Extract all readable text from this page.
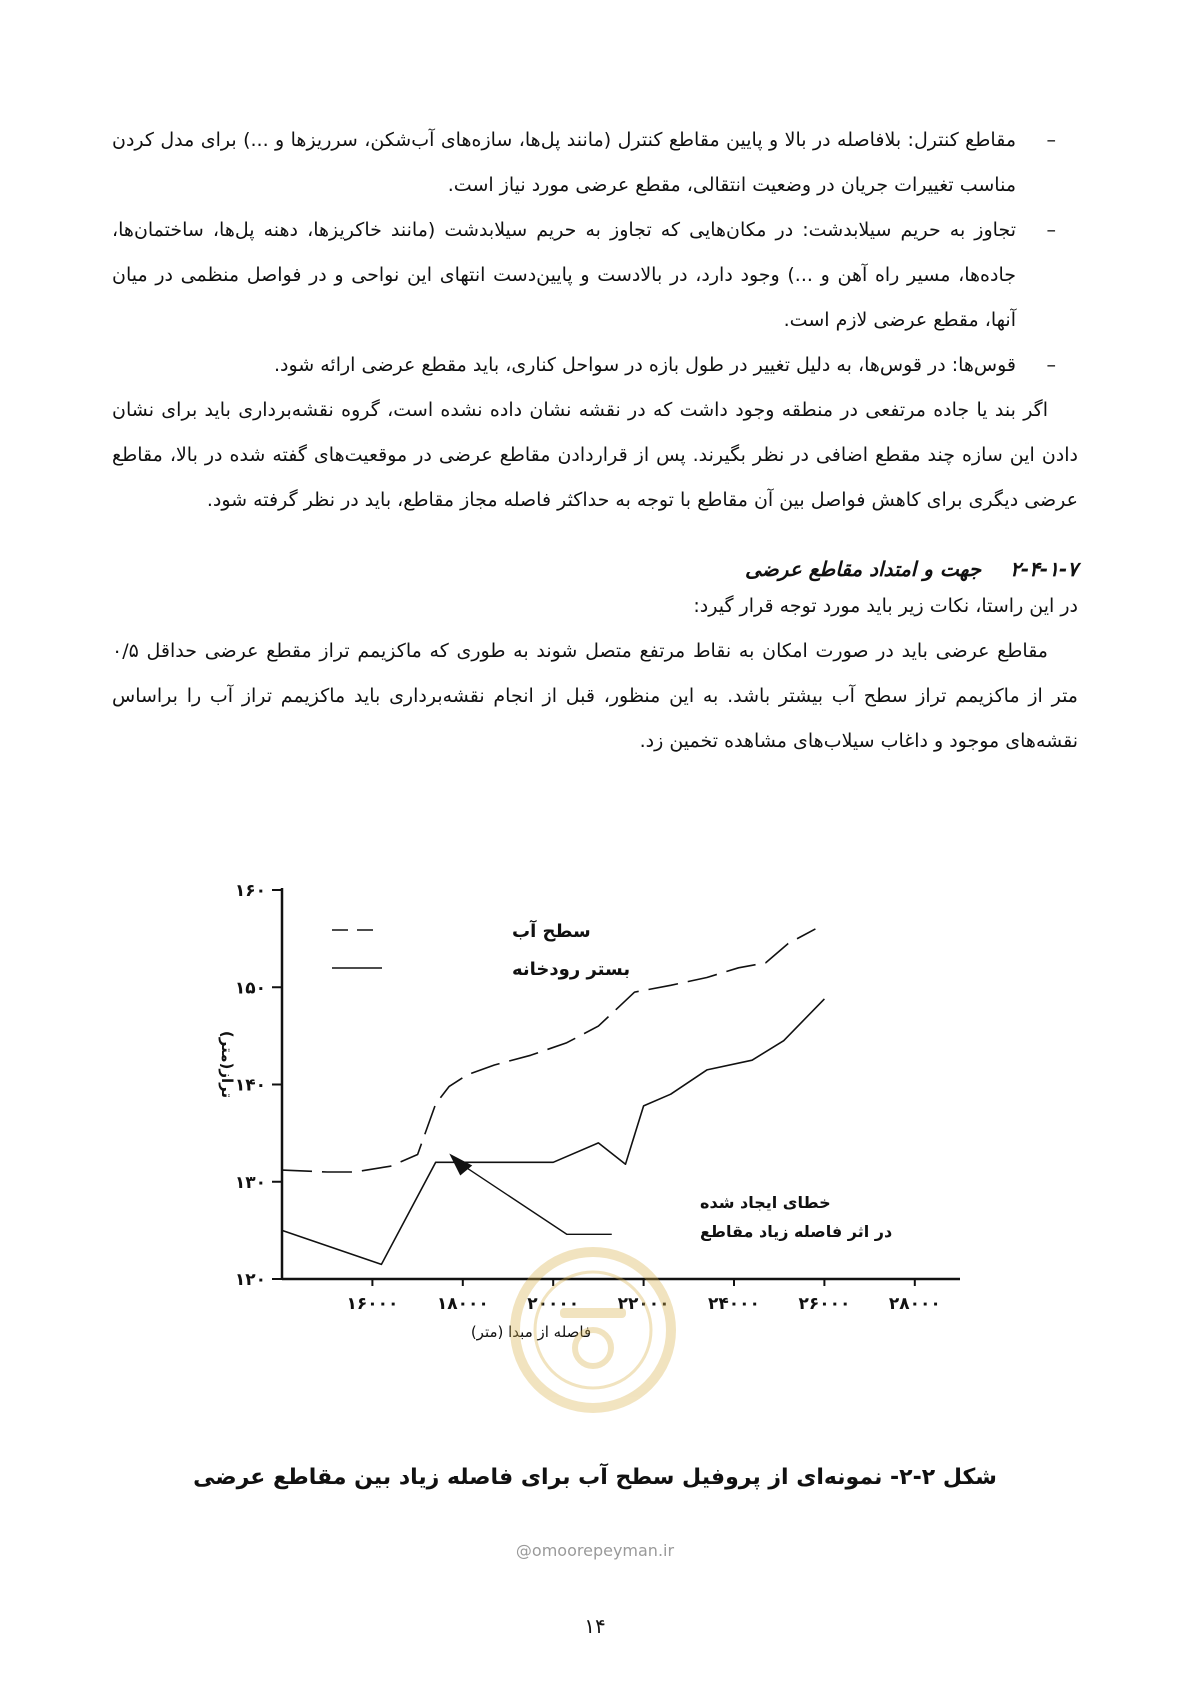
–
مقاطع کنترل: بلافاصله در بالا و پایین مقاطع کنترل (مانند پل‌ها، سازه‌های آب‌شکن، سرریزها و ...) برای مدل کردن مناسب تغییرات جریان در وضعیت انتقالی، مقطع عرضی مورد نیاز است.
–
تجاوز به حریم سیلابدشت: در مکان‌هایی که تجاوز به حریم سیلابدشت (مانند خاکریزها، دهنه پل‌ها، ساختمان‌ها، جاده‌ها، مسیر راه آهن و ...) وجود دارد، در بالادست و پایین‌دست انتهای این نواحی و در فواصل منظمی در میان آنها، مقطع عرضی لازم است.
–
قوس‌ها: در قوس‌ها، به دلیل تغییر در طول بازه در سواحل کناری، باید مقطع عرضی ارائه شود.
اگر بند یا جاده مرتفعی در منطقه وجود داشت که در نقشه نشان داده نشده است، گروه نقشه‌برداری باید برای نشان دادن این سازه چند مقطع اضافی در نظر بگیرند. پس از قراردادن مقاطع عرضی در موقعیت‌های گفته شده در بالا، مقاطع عرضی دیگری برای کاهش فواصل بین آن مقاطع با توجه به حداکثر فاصله مجاز مقاطع، باید در نظر گرفته شود.
۲-۴-۱-۷ جهت و امتداد مقاطع عرضی
در این راستا، نکات زیر باید مورد توجه قرار گیرد:
مقاطع عرضی باید در صورت امکان به نقاط مرتفع متصل شوند به طوری که ماکزیمم تراز مقطع عرضی حداقل ۰/۵ متر از ماکزیمم تراز سطح آب بیشتر باشد. به این منظور، قبل از انجام نقشه‌برداری باید ماکزیمم تراز آب را براساس نقشه‌های موجود و داغاب سیلاب‌های مشاهده تخمین زد.
۱۲۰
۱۳۰
۱۴۰
۱۵۰
۱۶۰
۱۶۰۰۰ ۱۸۰۰۰ ۲۰۰۰۰ ۲۲۰۰۰ ۲۴۰۰۰ ۲۶۰۰۰ ۲۸۰۰۰
سطح آب
بستر رودخانه
خطای ایجاد شده
در اثر فاصله زیاد مقاطع
فاصله از مبدا (متر)
تراز(متر)
شکل ۲-۲- نمونه‌ای از پروفیل سطح آب برای فاصله زیاد بین مقاطع عرضی
@omoorepeyman.ir
۱۴
